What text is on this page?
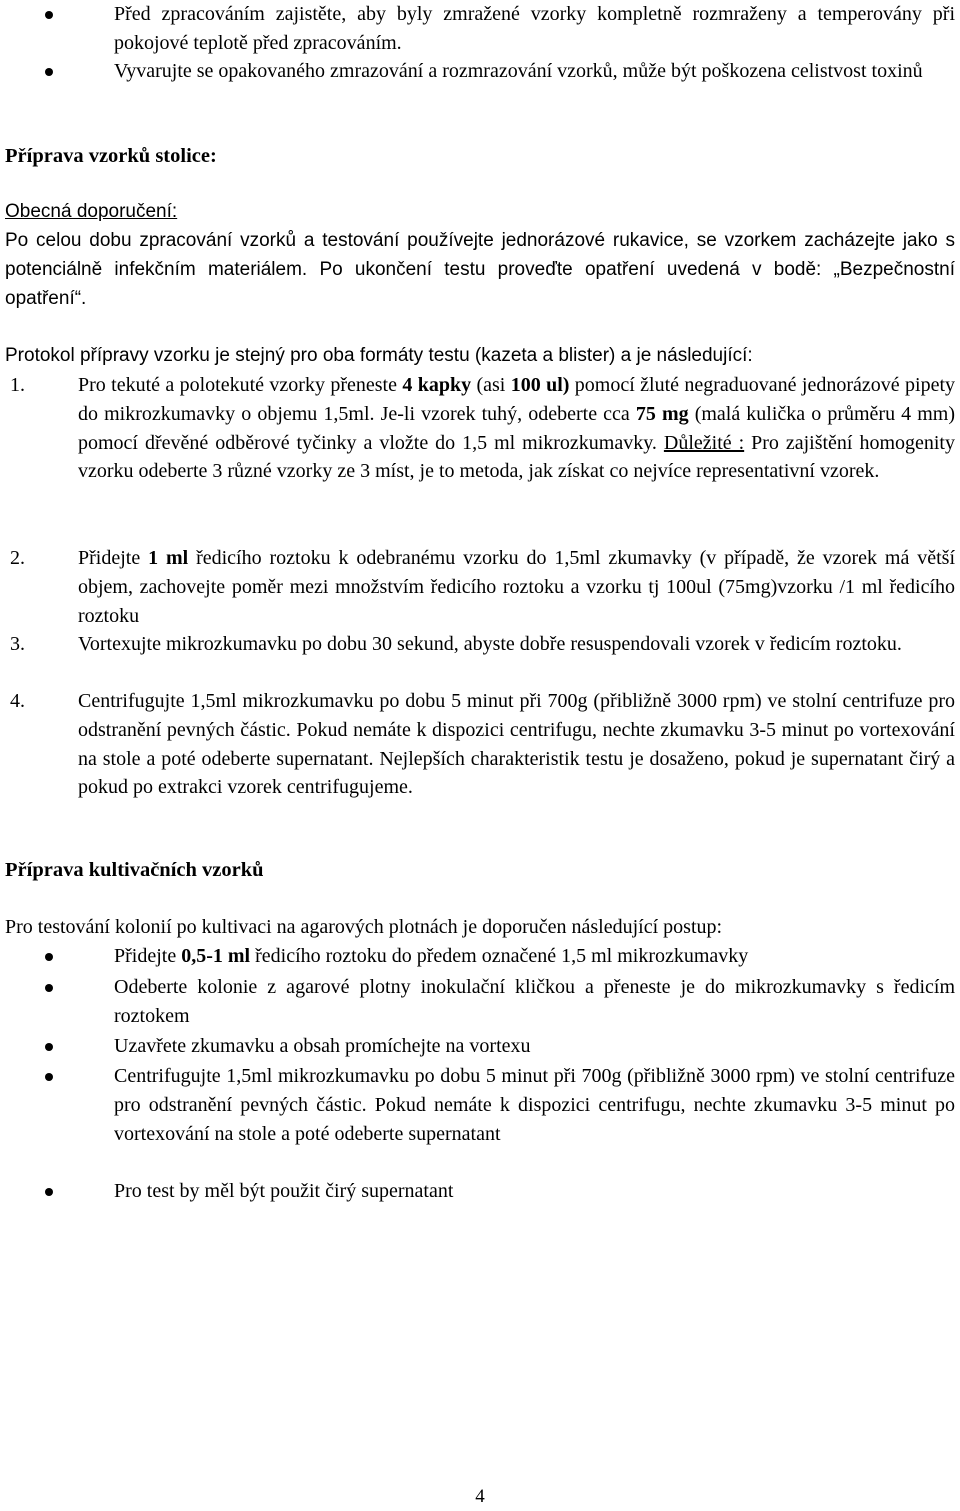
Před zpracováním zajistěte, aby byly zmražené vzorky kompletně rozmraženy a temperovány při pokojové teplotě před zpracováním.
Vyvarujte se opakovaného zmrazování a rozmrazování vzorků, může být poškozena celistvost toxinů
Příprava vzorků stolice:
Obecná doporučení:
Po celou dobu zpracování vzorků a testování používejte jednorázové rukavice, se vzorkem zacházejte jako s potenciálně infekčním materiálem. Po ukončení testu proveďte opatření uvedená v bodě: „Bezpečnostní opatření“.
Protokol přípravy vzorku je stejný pro oba formáty testu (kazeta a blister) a je následující:
1.	Pro tekuté a polotekuté vzorky přeneste 4 kapky (asi 100 ul) pomocí žluté negraduované jednorázové pipety do mikrozkumavky o objemu 1,5ml. Je-li vzorek tuhý, odeberte cca 75 mg (malá kulička o průměru 4 mm) pomocí dřevěné odběrové tyčinky a vložte do 1,5 ml mikrozkumavky. Důležité : Pro zajištění homogenity vzorku odeberte 3 různé vzorky ze 3 míst, je to metoda, jak získat co nejvíce representativní vzorek.
2.	Přidejte 1 ml ředicího roztoku k odebranému vzorku do 1,5ml zkumavky (v případě, že vzorek má větší objem, zachovejte poměr mezi množstvím ředicího roztoku a vzorku tj 100ul (75mg)vzorku /1 ml ředicího roztoku
3.	Vortexujte mikrozkumavku po dobu 30 sekund, abyste dobře resuspendovali vzorek v ředicím roztoku.
4.	Centrifugujte 1,5ml mikrozkumavku po dobu 5 minut při 700g (přibližně 3000 rpm) ve stolní centrifuze pro odstranění pevných částic. Pokud nemáte k dispozici centrifugu, nechte zkumavku 3-5 minut po vortexování na stole a poté odeberte supernatant. Nejlepších charakteristik testu je dosaženo, pokud je supernatant čirý a pokud po extrakci vzorek centrifugujeme.
Příprava kultivačních vzorků
Pro testování kolonií po kultivaci na agarových plotnách je doporučen následující postup:
Přidejte 0,5-1 ml ředicího roztoku do předem označené 1,5 ml mikrozkumavky
Odeberte kolonie z agarové plotny inokulační kličkou a přeneste je do mikrozkumavky s ředicím roztokem
Uzavřete zkumavku a obsah promíchejte na vortexu
Centrifugujte 1,5ml mikrozkumavku po dobu 5 minut při 700g (přibližně 3000 rpm) ve stolní centrifuze pro odstranění pevných částic. Pokud nemáte k dispozici centrifugu, nechte zkumavku 3-5 minut po vortexování na stole a poté odeberte supernatant
Pro test by měl být použit čirý supernatant
4
